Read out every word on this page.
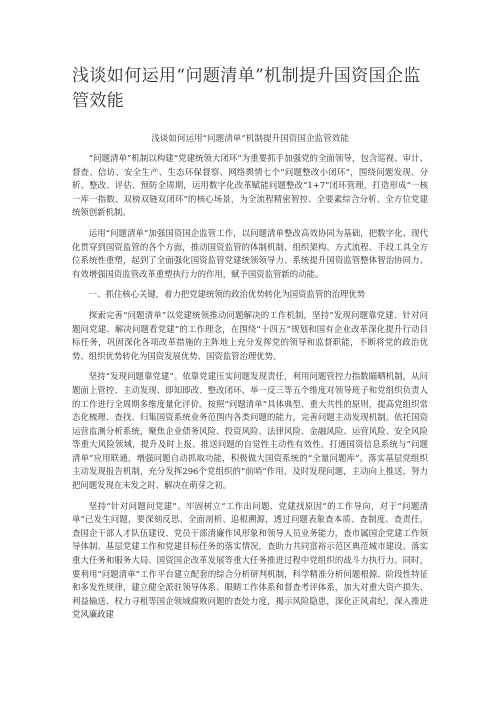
浅谈如何运用“问题清单”机制提升国资国企监管效能

浅谈如何运用“问题清单”机制提升国资国企监管效能

“问题清单”机制以构建“党建统领大闭环”为重要抓手加强党的全面领导，包含巡视、审计、督查、信访、安全生产、生态环保督察、网络舆情七个“问题整改小闭环”，围绕问题发现、分析、整改、评估、预防全周期，运用数字化改革赋能问题整改“1+7”闭环管理，打造形成“一核一库一指数、双榜双链双闭环”的核心场景，为全流程精密智控、全要素综合分析、全方位党建统领创新机制。

运用“问题清单”加强国资国企监管工作，以问题清单整改高效协同为基础，把数字化、现代化贯穿到国资监管的各个方面，推动国资监管的体制机制、组织架构、方式流程、手段工具全方位系统性重塑，起到了全面强化国资监管党建统领领导力、系统提升国资监管整体智治协同力、有效增强国资监管改革重塑执行力的作用，赋予国资监管新的动能。

一、抓住核心关键，着力把党建统领的政治优势转化为国资监管的治理优势

探索完善“问题清单”以党建统领推动问题解决的工作机制，坚持“发现问题靠党建、针对问题问党建、解决问题看党建”的工作理念，在围绕“十四五”规划和国有企业改革深化提升行动目标任务，巩固深化各项改革措施的主阵地上充分发挥党的领导和监督职能，不断将党的政治优势、组织优势转化为国资发展优势、国资监管治理优势。

坚持“发现问题靠党建”。依靠党建压实问题发现责任，利用问题管控力指数瞄晒机制，从问题面上管控、主动发现、即知即改、整改闭环、举一反三等五个维度对领导班子和党组织负责人的工作进行全周期多维度量化评价。按照“问题清单”具体典型、重大共性的原则，提高党组织常态化梳理、查找、归集国资系统业务范围内各类问题的能力，完善问题主动发现机制。依托国资运营监测分析系统，聚焦企业债务风险、投资风险、法律风险、金融风险、运营风险、安全风险等重大风险领域，提升及时上报、推送问题的自觉性主动性有效性。打通国资信息系统与“问题清单”应用联通，增强问题自动抓取功能，积极做大国资系统的“全量问题库”。落实基层党组织主动发现报告机制，充分发挥296个党组织的“前哨”作用，及时发现问题，主动向上推送，努力把问题发现在未发之时、解决在萌芽之初。

坚持“针对问题问党建”。牢固树立“工作出问题、党建找原因”的工作导向，对于“问题清单”已发生问题，要深刻反思、全面剖析、追根溯源，透过问题表象查本质、查制度、查责任，查国企干部人才队伍建设、党员干部清廉作风形象和领导人员业务能力，查市属国企党建工作领导体制、基层党建工作和党建目标任务的落实情况，查助力共同富裕示范区典范城市建设、落实重大任务和服务大局、国资国企改革发展等重大任务推进过程中党组织的战斗力执行力。同时，要利用“问题清单”工作平台建立配套的综合分析研判机制，科学精准分析问题根源、阶段性特征和多发性规律，建立健全派驻领导体系、眼睛工作体系和督查考评体系，加大对重大资产损失、利益输送、权力寻租等国企领域腐败问题的查处力度，揭示风险隐患，深化正风肃纪，深入推进党风廉政建
